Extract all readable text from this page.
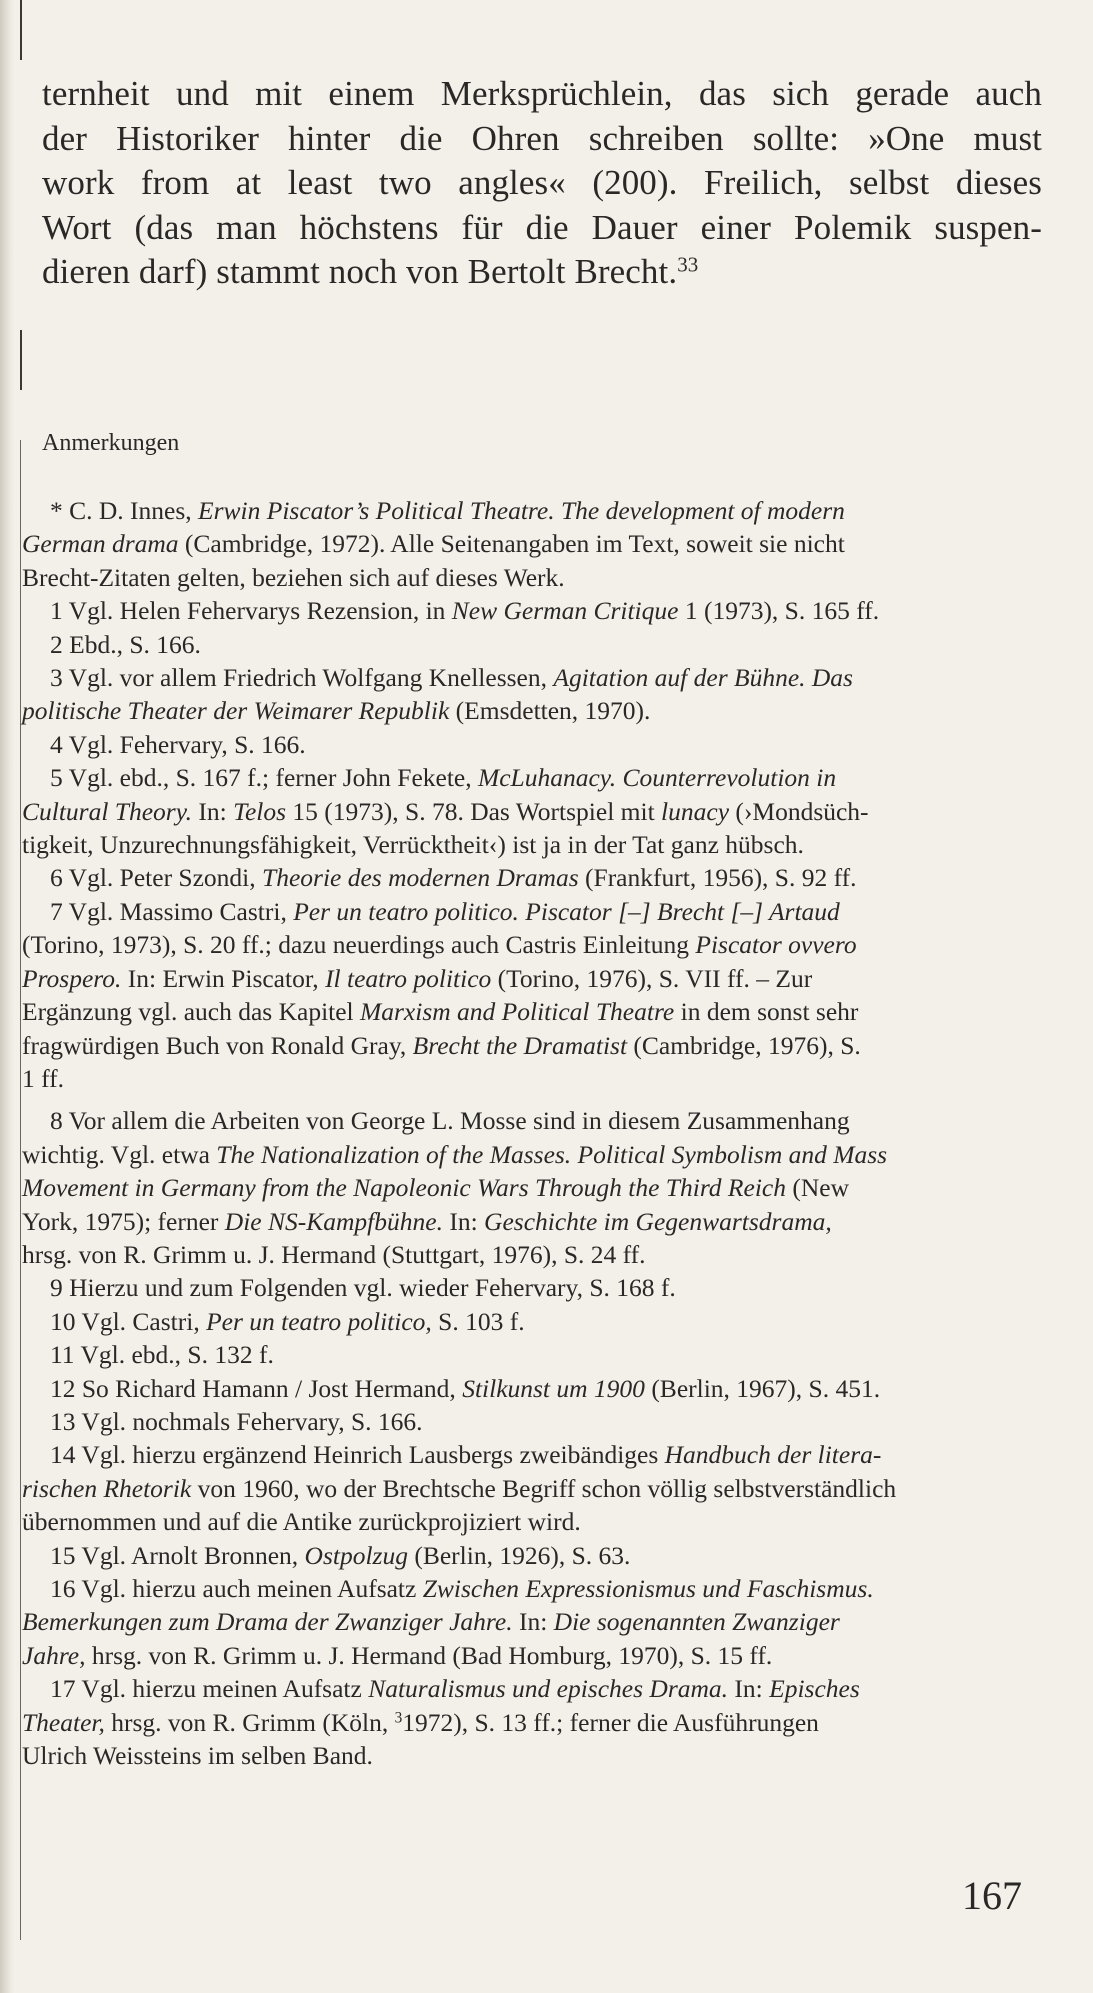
ternheit und mit einem Merksprüchlein, das sich gerade auch
der Historiker hinter die Ohren schreiben sollte: »One must
work from at least two angles« (200). Freilich, selbst dieses
Wort (das man höchstens für die Dauer einer Polemik suspen-
dieren darf) stammt noch von Bertolt Brecht.$^{33}$
Anmerkungen

* C. D. Innes, Erwin Piscator’s Political Theatre. The development of modern
German drama (Cambridge, 1972). Alle Seitenangaben im Text, soweit sie nicht
Brecht-Zitaten gelten, beziehen sich auf dieses Werk.

1 Vgl. Helen Fehervarys Rezension, in New German Critique 1 (1973), S. 165 ff.

2 Ebd., S. 166.

3 Vgl. vor allem Friedrich Wolfgang Knellessen, Agitation auf der Bühne. Das
politische Theater der Weimarer Republik (Emsdetten, 1970).

4 Vgl. Fehervary, S. 166.

5 Vgl. ebd., S. 167 f.; ferner John Fekete, McLuhanacy. Counterrevolution in
Cultural Theory. In: Telos 15 (1973), S. 78. Das Wortspiel mit lunacy (›Mondsüch-
tigkeit, Unzurechnungsfähigkeit, Verrücktheit‹) ist ja in der Tat ganz hübsch.

6 Vgl. Peter Szondi, Theorie des modernen Dramas (Frankfurt, 1956), S. 92 ff.

7 Vgl. Massimo Castri, Per un teatro politico. Piscator [–] Brecht [–] Artaud
(Torino, 1973), S. 20 ff.; dazu neuerdings auch Castris Einleitung Piscator ovvero
Prospero. In: Erwin Piscator, Il teatro politico (Torino, 1976), S. VII ff. – Zur
Ergänzung vgl. auch das Kapitel Marxism and Political Theatre in dem sonst sehr
fragwürdigen Buch von Ronald Gray, Brecht the Dramatist (Cambridge, 1976), S.
1 ff.

8 Vor allem die Arbeiten von George L. Mosse sind in diesem Zusammenhang
wichtig. Vgl. etwa The Nationalization of the Masses. Political Symbolism and Mass
Movement in Germany from the Napoleonic Wars Through the Third Reich (New
York, 1975); ferner Die NS-Kampfbühne. In: Geschichte im Gegenwartsdrama,
hrsg. von R. Grimm u. J. Hermand (Stuttgart, 1976), S. 24 ff.

9 Hierzu und zum Folgenden vgl. wieder Fehervary, S. 168 f.

10 Vgl. Castri, Per un teatro politico, S. 103 f.

11 Vgl. ebd., S. 132 f.

12 So Richard Hamann / Jost Hermand, Stilkunst um 1900 (Berlin, 1967), S. 451.

13 Vgl. nochmals Fehervary, S. 166.

14 Vgl. hierzu ergänzend Heinrich Lausbergs zweibändiges Handbuch der litera-
rischen Rhetorik von 1960, wo der Brechtsche Begriff schon völlig selbstverständlich
übernommen und auf die Antike zurückprojiziert wird.

15 Vgl. Arnolt Bronnen, Ostpolzug (Berlin, 1926), S. 63.

16 Vgl. hierzu auch meinen Aufsatz Zwischen Expressionismus und Faschismus.
Bemerkungen zum Drama der Zwanziger Jahre. In: Die sogenannten Zwanziger
Jahre, hrsg. von R. Grimm u. J. Hermand (Bad Homburg, 1970), S. 15 ff.

17 Vgl. hierzu meinen Aufsatz Naturalismus und episches Drama. In: Episches
Theater, hrsg. von R. Grimm (Köln, $^3$1972), S. 13 ff.; ferner die Ausführungen
Ulrich Weissteins im selben Band.

167
